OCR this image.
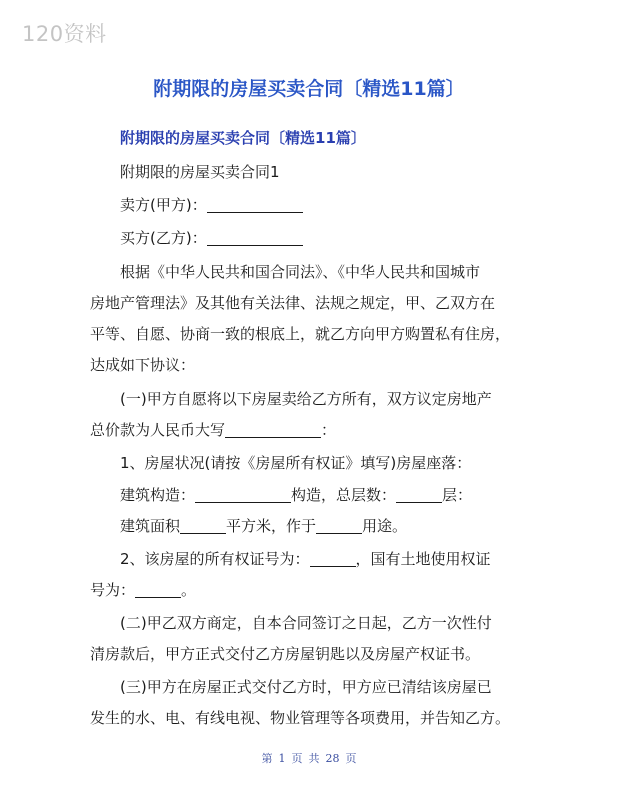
120资料
附期限的房屋买卖合同〔精选11篇〕
附期限的房屋买卖合同〔精选11篇〕
附期限的房屋买卖合同1
卖方(甲方)：
买方(乙方)：
根据《中华人民共和国合同法》、《中华人民共和国城市
房地产管理法》及其他有关法律、法规之规定，甲、乙双方在
平等、自愿、协商一致的根底上，就乙方向甲方购置私有住房，
达成如下协议：
(一)甲方自愿将以下房屋卖给乙方所有，双方议定房地产
总价款为人民币大写	：
1、房屋状况(请按《房屋所有权证》填写)房屋座落：
建筑构造：	构造，总层数：	层：
建筑面积	平方米，作于	用途。
2、该房屋的所有权证号为：	，国有土地使用权证
号为：	。
(二)甲乙双方商定，自本合同签订之日起，乙方一次性付
清房款后，甲方正式交付乙方房屋钥匙以及房屋产权证书。
(三)甲方在房屋正式交付乙方时，甲方应已清结该房屋已
发生的水、电、有线电视、物业管理等各项费用，并告知乙方。
第 1 页 共 28 页
